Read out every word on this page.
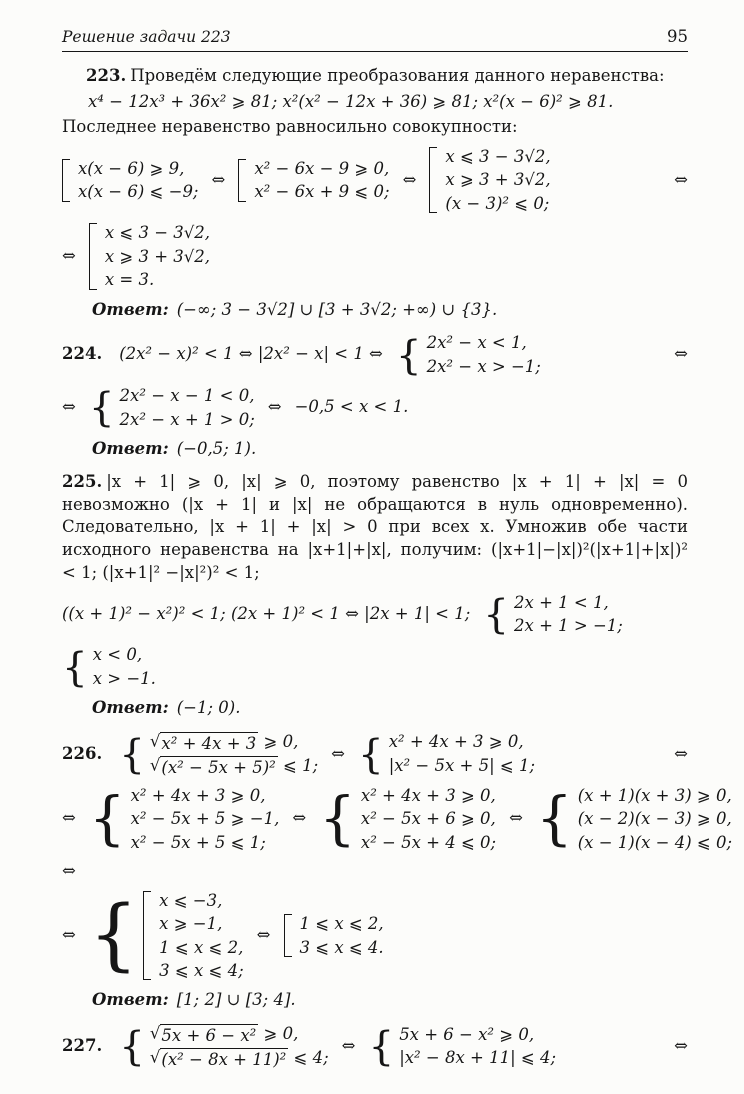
Решение задачи 223	95

223. Проведём следующие преобразования данного неравенства:

x⁴ − 12x³ + 36x² ⩾ 81; x²(x² − 12x + 36) ⩾ 81; x²(x − 6)² ⩾ 81.

Последнее неравенство равносильно совокупности:

x(x − 6) ⩾ 9,
x(x − 6) ⩽ −9;
⇔
x² − 6x − 9 ⩾ 0,
x² − 6x + 9 ⩽ 0;
⇔
x ⩽ 3 − 3√2,
x ⩾ 3 + 3√2,
(x − 3)² ⩽ 0;
⇔
⇔
x ⩽ 3 − 3√2,
x ⩾ 3 + 3√2,
x = 3.

Ответ: (−∞; 3 − 3√2] ∪ [3 + 3√2; +∞) ∪ {3}.

224. (2x² − x)² < 1 ⇔ |2x² − x| < 1 ⇔
{
2x² − x < 1,
2x² − x > −1;
⇔
⇔
{
2x² − x − 1 < 0,
2x² − x + 1 > 0;
⇔ −0,5 < x < 1.

Ответ: (−0,5; 1).

225. |x + 1| ⩾ 0, |x| ⩾ 0, поэтому равенство |x + 1| + |x| = 0 невозможно (|x + 1| и |x| не обращаются в нуль одновременно). Следовательно, |x + 1| + |x| > 0 при всех x. Умножив обе части исходного неравенства на |x+1|+|x|, получим: (|x+1|−|x|)²(|x+1|+|x|)² < 1; (|x+1|² −|x|²)² < 1;

((x + 1)² − x²)² < 1; (2x + 1)² < 1 ⇔ |2x + 1| < 1;
{
2x + 1 < 1,
2x + 1 > −1;
{
x < 0,
x > −1.

Ответ: (−1; 0).

226.
{
√ x² + 4x + 3 ⩾ 0,
√ (x² − 5x + 5)² ⩽ 1;
⇔
{
x² + 4x + 3 ⩾ 0,
|x² − 5x + 5| ⩽ 1;
⇔
⇔
{
x² + 4x + 3 ⩾ 0,
x² − 5x + 5 ⩾ −1,
x² − 5x + 5 ⩽ 1;
⇔
{
x² + 4x + 3 ⩾ 0,
x² − 5x + 6 ⩾ 0,
x² − 5x + 4 ⩽ 0;
⇔
{
(x + 1)(x + 3) ⩾ 0,
(x − 2)(x − 3) ⩾ 0,
(x − 1)(x − 4) ⩽ 0;
⇔
⇔
{
x ⩽ −3,
x ⩾ −1,
1 ⩽ x ⩽ 2,
3 ⩽ x ⩽ 4;
⇔
1 ⩽ x ⩽ 2,
3 ⩽ x ⩽ 4.

Ответ: [1; 2] ∪ [3; 4].

227.
{
√ 5x + 6 − x² ⩾ 0,
√ (x² − 8x + 11)² ⩽ 4;
⇔
{
5x + 6 − x² ⩾ 0,
|x² − 8x + 11| ⩽ 4;
⇔
